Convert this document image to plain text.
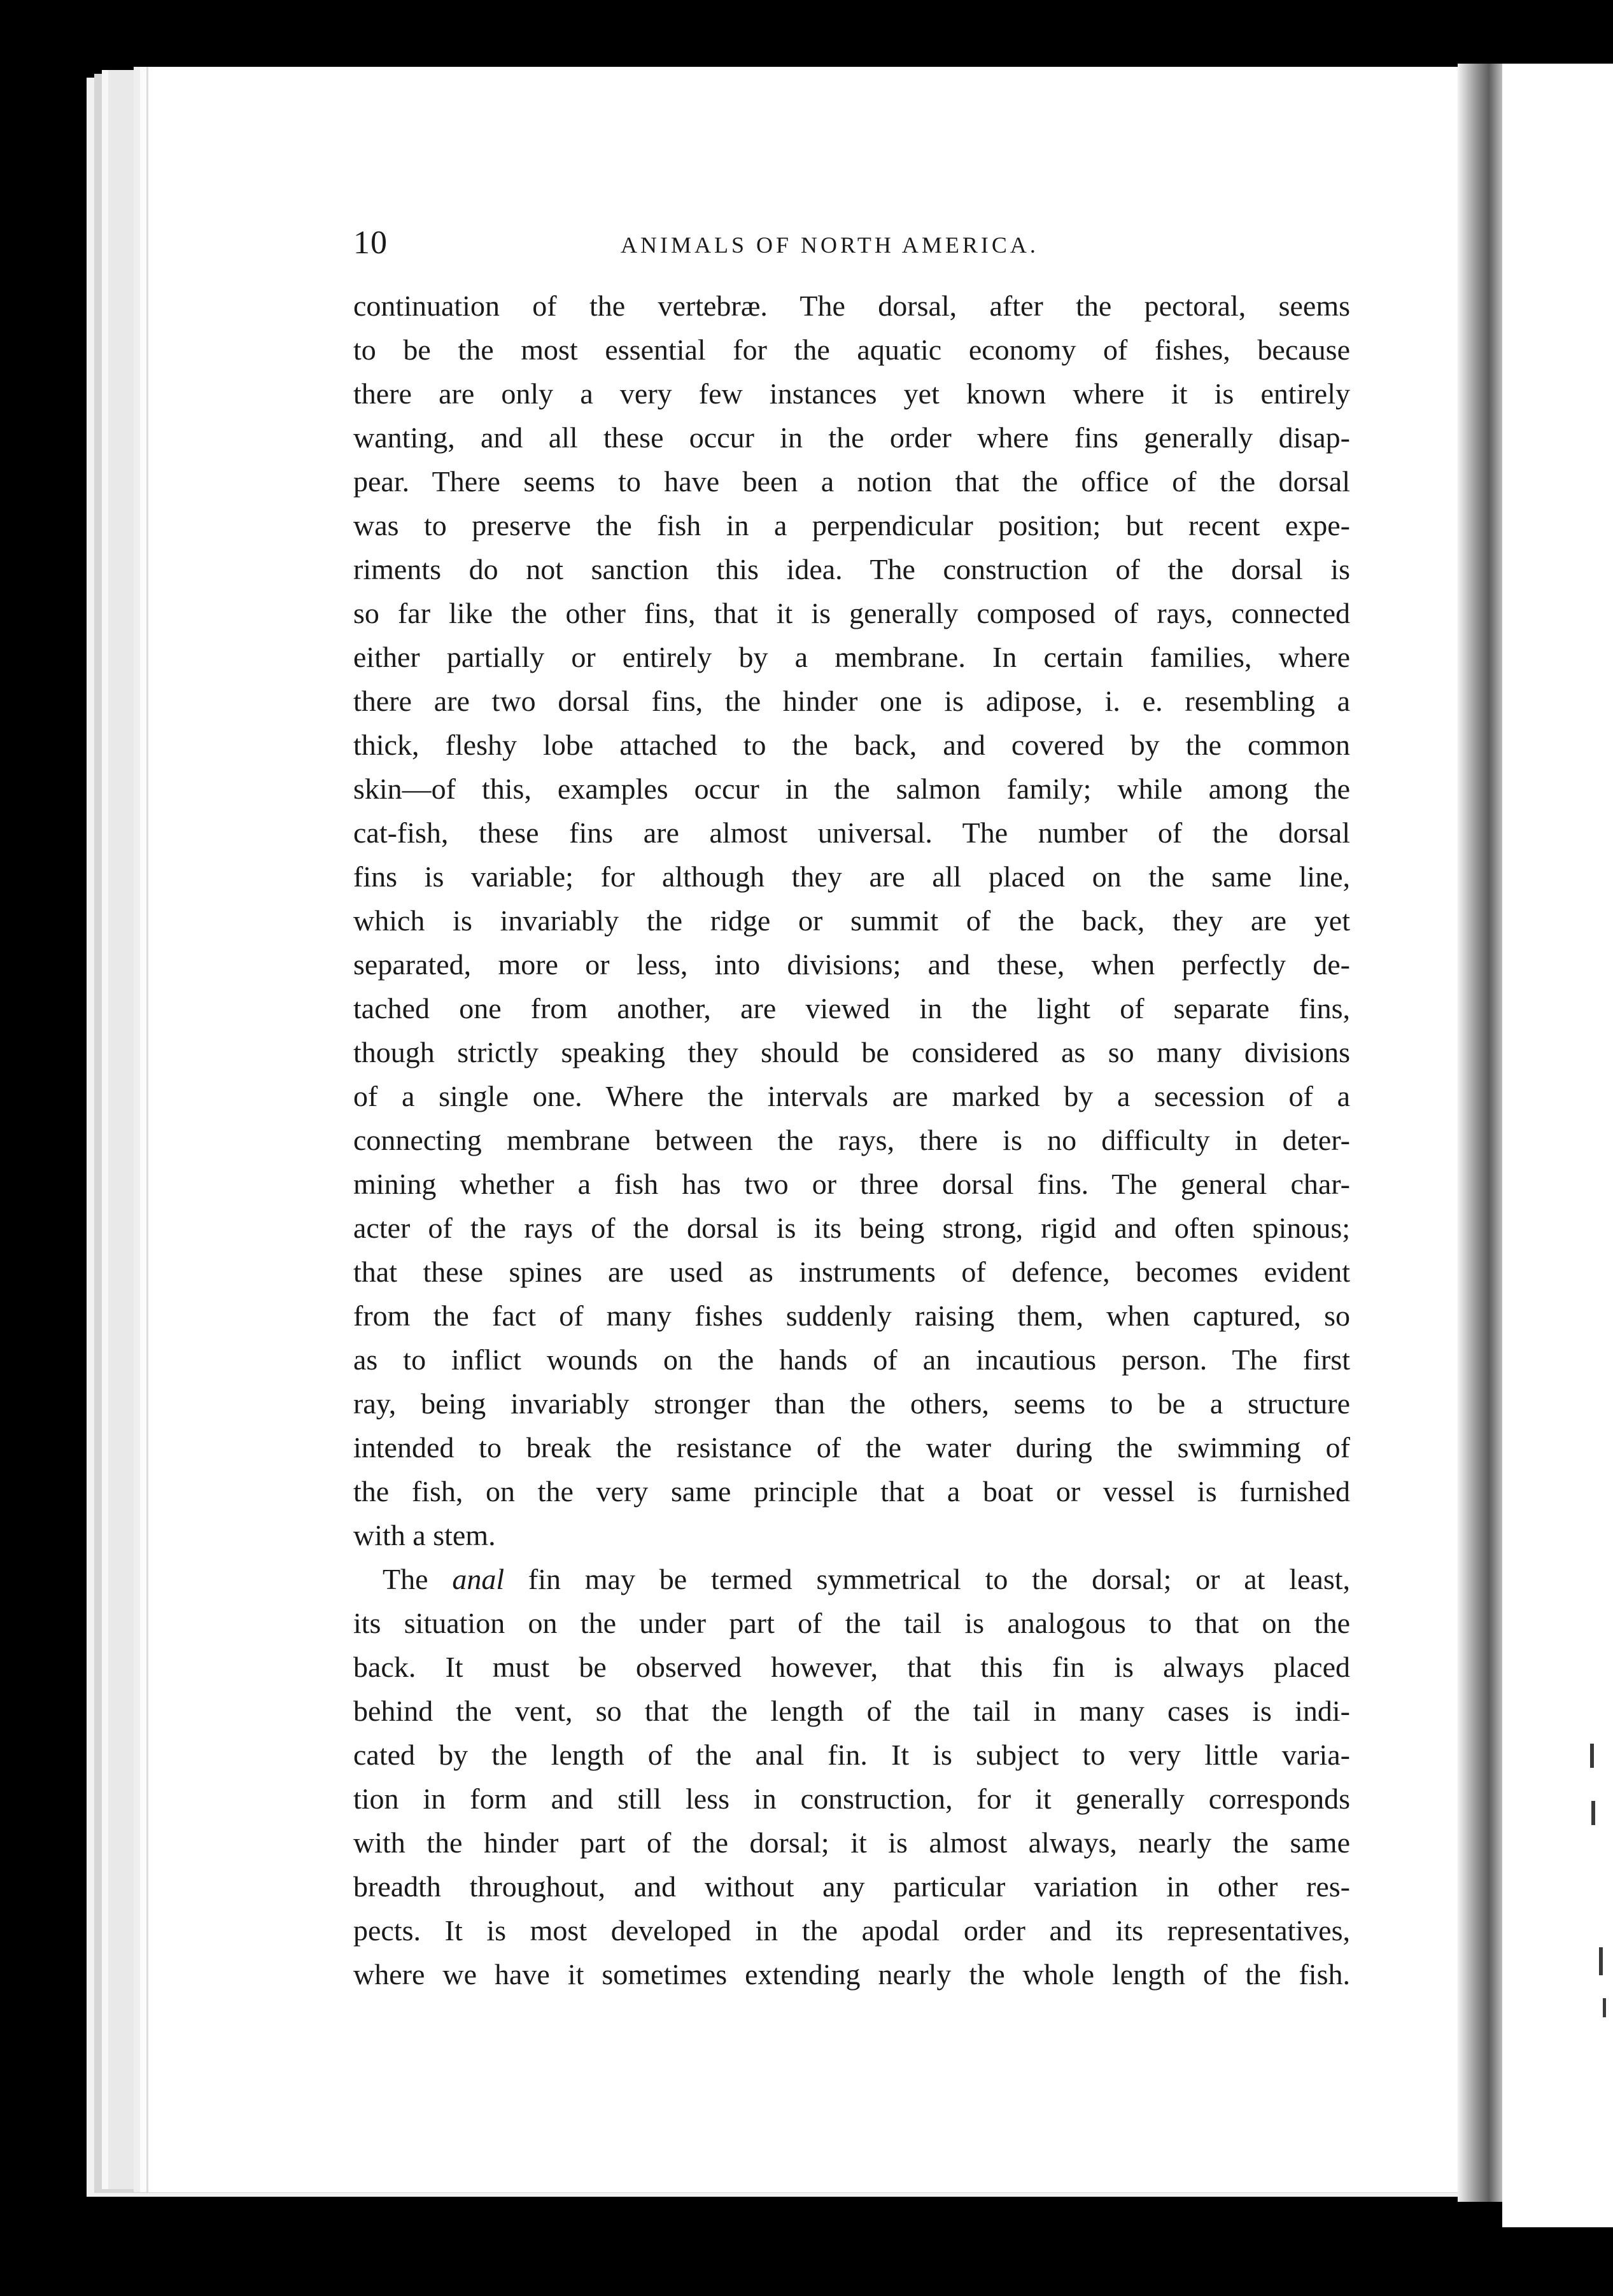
10	ANIMALS OF NORTH AMERICA.
continuation of the vertebræ. The dorsal, after the pectoral, seems
to be the most essential for the aquatic economy of fishes, because
there are only a very few instances yet known where it is entirely
wanting, and all these occur in the order where fins generally disap-
pear. There seems to have been a notion that the office of the dorsal
was to preserve the fish in a perpendicular position; but recent expe-
riments do not sanction this idea. The construction of the dorsal is
so far like the other fins, that it is generally composed of rays, connected
either partially or entirely by a membrane. In certain families, where
there are two dorsal fins, the hinder one is adipose, i. e. resembling a
thick, fleshy lobe attached to the back, and covered by the common
skin—of this, examples occur in the salmon family; while among the
cat-fish, these fins are almost universal. The number of the dorsal
fins is variable; for although they are all placed on the same line,
which is invariably the ridge or summit of the back, they are yet
separated, more or less, into divisions; and these, when perfectly de-
tached one from another, are viewed in the light of separate fins,
though strictly speaking they should be considered as so many divisions
of a single one. Where the intervals are marked by a secession of a
connecting membrane between the rays, there is no difficulty in deter-
mining whether a fish has two or three dorsal fins. The general char-
acter of the rays of the dorsal is its being strong, rigid and often spinous;
that these spines are used as instruments of defence, becomes evident
from the fact of many fishes suddenly raising them, when captured, so
as to inflict wounds on the hands of an incautious person. The first
ray, being invariably stronger than the others, seems to be a structure
intended to break the resistance of the water during the swimming of
the fish, on the very same principle that a boat or vessel is furnished
with a stem.
The anal fin may be termed symmetrical to the dorsal; or at least,
its situation on the under part of the tail is analogous to that on the
back. It must be observed however, that this fin is always placed
behind the vent, so that the length of the tail in many cases is indi-
cated by the length of the anal fin. It is subject to very little varia-
tion in form and still less in construction, for it generally corresponds
with the hinder part of the dorsal; it is almost always, nearly the same
breadth throughout, and without any particular variation in other res-
pects. It is most developed in the apodal order and its representatives,
where we have it sometimes extending nearly the whole length of the fish.
